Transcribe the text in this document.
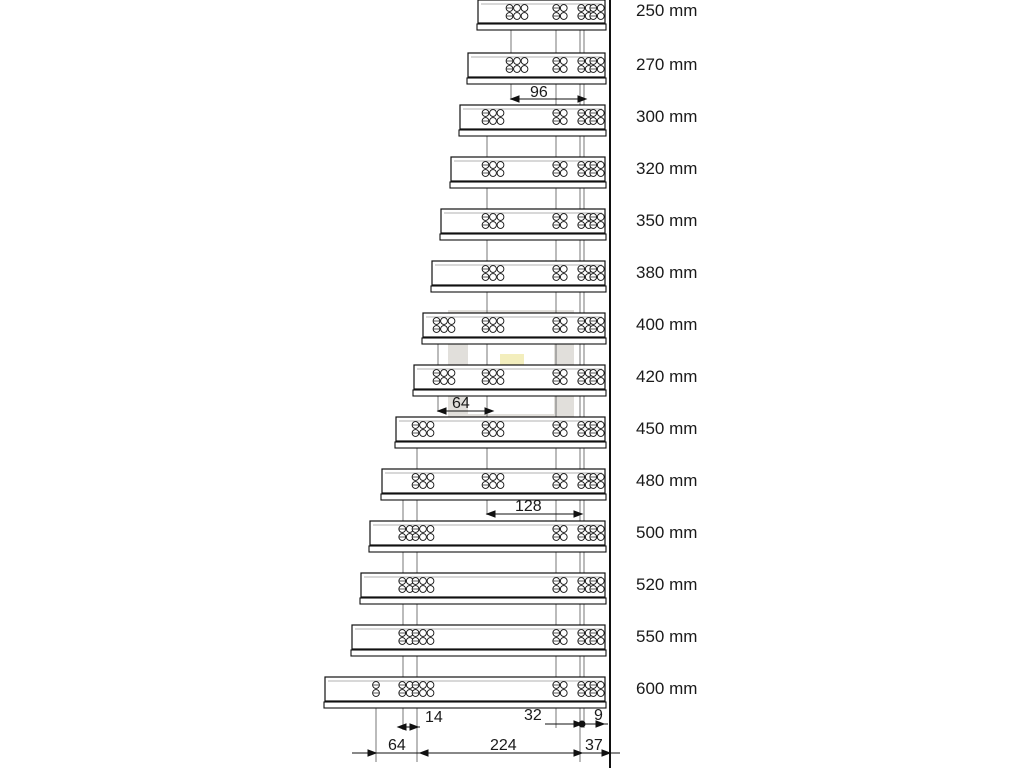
250 mm
270 mm
300 mm
320 mm
350 mm
380 mm
400 mm
420 mm
450 mm
480 mm
500 mm
520 mm
550 mm
600 mm
96
64
128
14	32	9
64	224	37
